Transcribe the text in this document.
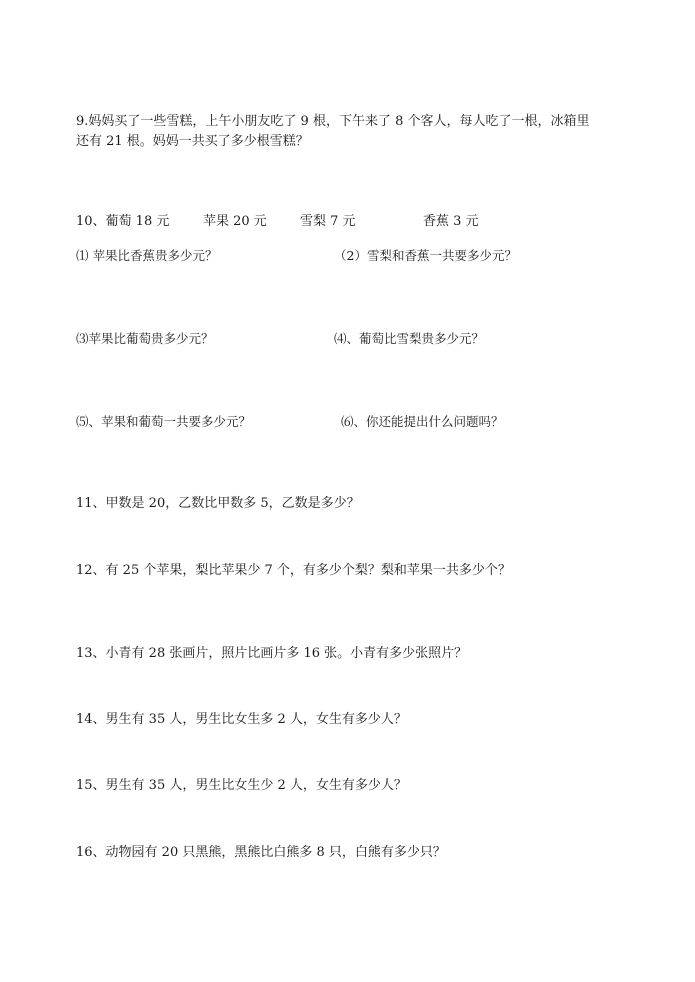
9.妈妈买了一些雪糕，上午小朋友吃了 9 根，下午来了 8 个客人，每人吃了一根，冰箱里
还有 21 根。妈妈一共买了多少根雪糕？
10、葡萄 18 元	苹果 20 元	雪梨 7 元	香蕉 3 元
⑴ 苹果比香蕉贵多少元？	（2）雪梨和香蕉一共要多少元？
⑶苹果比葡萄贵多少元？	⑷、葡萄比雪梨贵多少元？
⑸、苹果和葡萄一共要多少元？	⑹、你还能提出什么问题吗？
11、甲数是 20，乙数比甲数多 5，乙数是多少？
12、有 25 个苹果，梨比苹果少 7 个，有多少个梨？梨和苹果一共多少个？
13、小青有 28 张画片，照片比画片多 16 张。小青有多少张照片？
14、男生有 35 人，男生比女生多 2 人，女生有多少人？
15、男生有 35 人，男生比女生少 2 人，女生有多少人？
16、动物园有 20 只黑熊，黑熊比白熊多 8 只，白熊有多少只？
